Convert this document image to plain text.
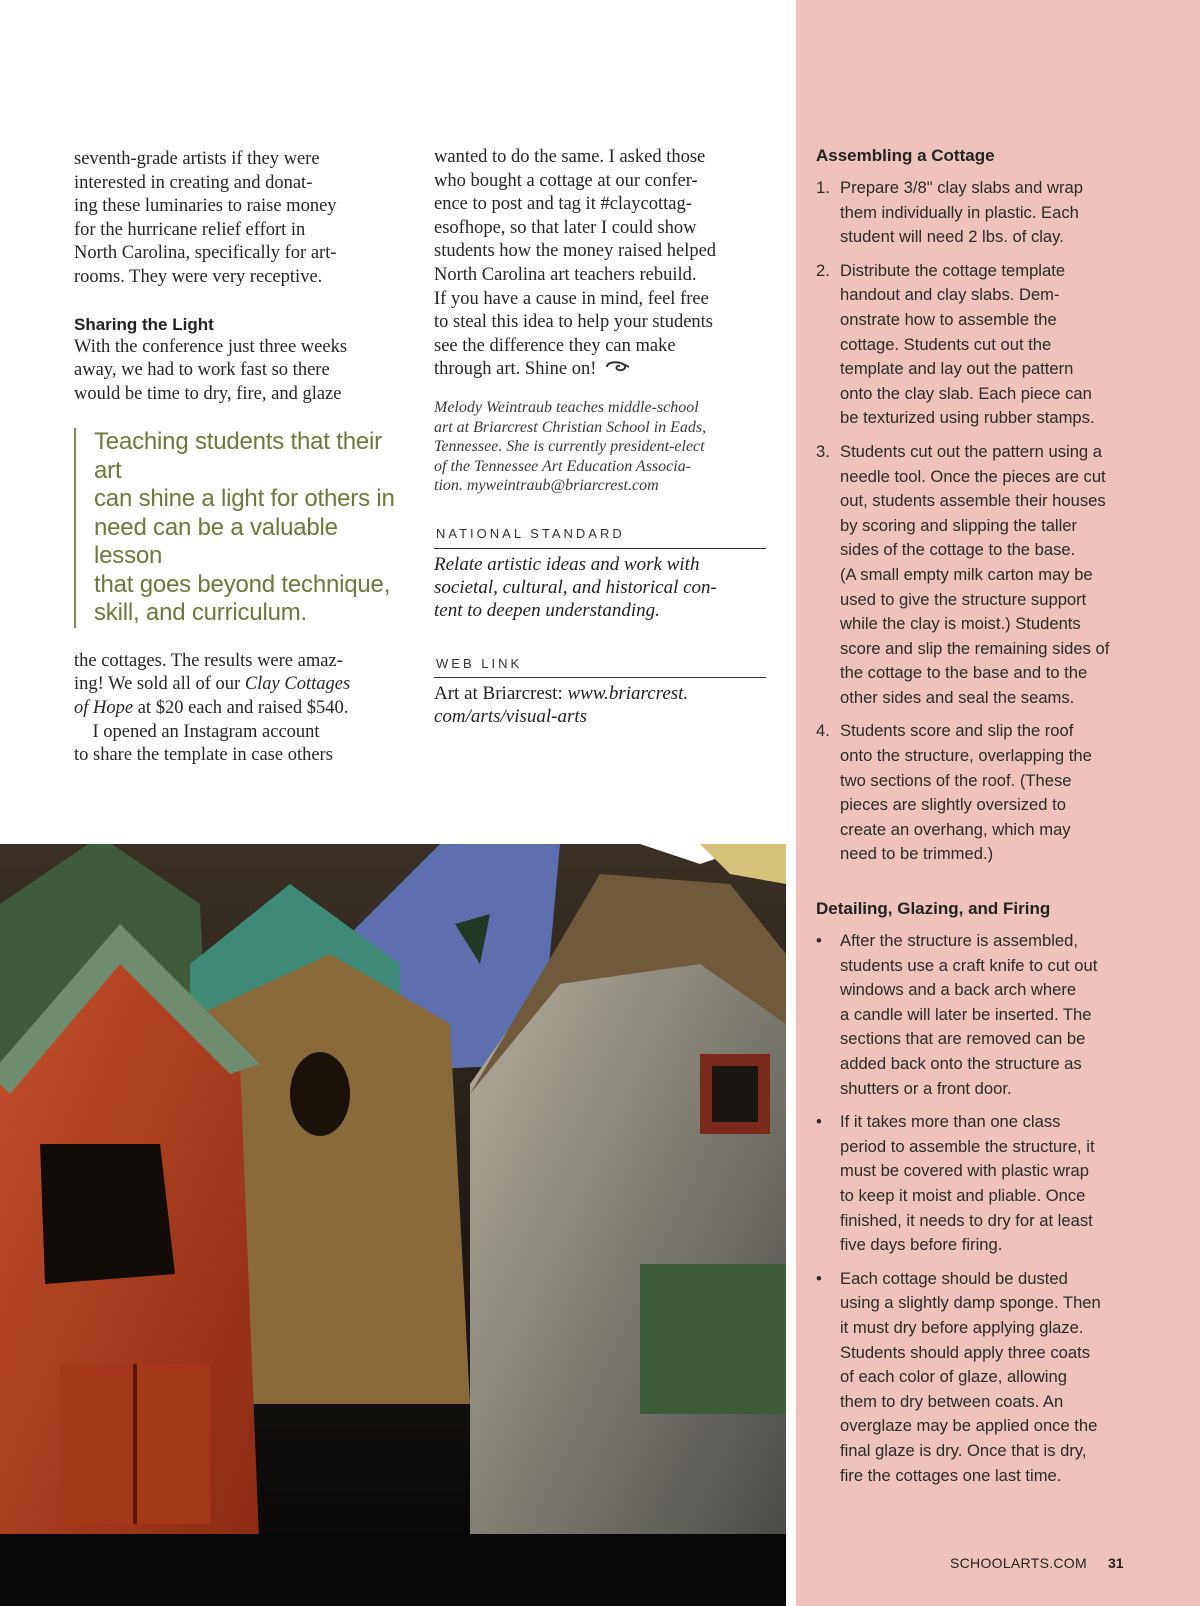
seventh-grade artists if they were
interested in creating and donat-
ing these luminaries to raise money
for the hurricane relief effort in
North Carolina, specifically for art-
rooms. They were very receptive.

Sharing the Light

With the conference just three weeks
away, we had to work fast so there
would be time to dry, fire, and glaze

Teaching students that their art
can shine a light for others in
need can be a valuable lesson
that goes beyond technique,
skill, and curriculum.

the cottages. The results were amaz-
ing! We sold all of our Clay Cottages
of Hope at $20 each and raised $540.
I opened an Instagram account
to share the template in case others

wanted to do the same. I asked those
who bought a cottage at our confer-
ence to post and tag it #claycottag-
esofhope, so that later I could show
students how the money raised helped
North Carolina art teachers rebuild.
If you have a cause in mind, feel free
to steal this idea to help your students
see the difference they can make
through art. Shine on!

Melody Weintraub teaches middle-school
art at Briarcrest Christian School in Eads,
Tennessee. She is currently president-elect
of the Tennessee Art Education Associa-
tion. myweintraub@briarcrest.com

NATIONAL STANDARD

Relate artistic ideas and work with
societal, cultural, and historical con-
tent to deepen understanding.

WEB LINK

Art at Briarcrest: www.briarcrest.
com/arts/visual-arts

Assembling a Cottage
1. Prepare 3/8" clay slabs and wrap
them individually in plastic. Each
student will need 2 lbs. of clay.
2. Distribute the cottage template
handout and clay slabs. Dem-
onstrate how to assemble the
cottage. Students cut out the
template and lay out the pattern
onto the clay slab. Each piece can
be texturized using rubber stamps.
3. Students cut out the pattern using a
needle tool. Once the pieces are cut
out, students assemble their houses
by scoring and slipping the taller
sides of the cottage to the base.
(A small empty milk carton may be
used to give the structure support
while the clay is moist.) Students
score and slip the remaining sides of
the cottage to the base and to the
other sides and seal the seams.
4. Students score and slip the roof
onto the structure, overlapping the
two sections of the roof. (These
pieces are slightly oversized to
create an overhang, which may
need to be trimmed.)
Detailing, Glazing, and Firing
• After the structure is assembled,
students use a craft knife to cut out
windows and a back arch where
a candle will later be inserted. The
sections that are removed can be
added back onto the structure as
shutters or a front door.
• If it takes more than one class
period to assemble the structure, it
must be covered with plastic wrap
to keep it moist and pliable. Once
finished, it needs to dry for at least
five days before firing.
• Each cottage should be dusted
using a slightly damp sponge. Then
it must dry before applying glaze.
Students should apply three coats
of each color of glaze, allowing
them to dry between coats. An
overglaze may be applied once the
final glaze is dry. Once that is dry,
fire the cottages one last time.
SCHOOLARTS.COM 31
